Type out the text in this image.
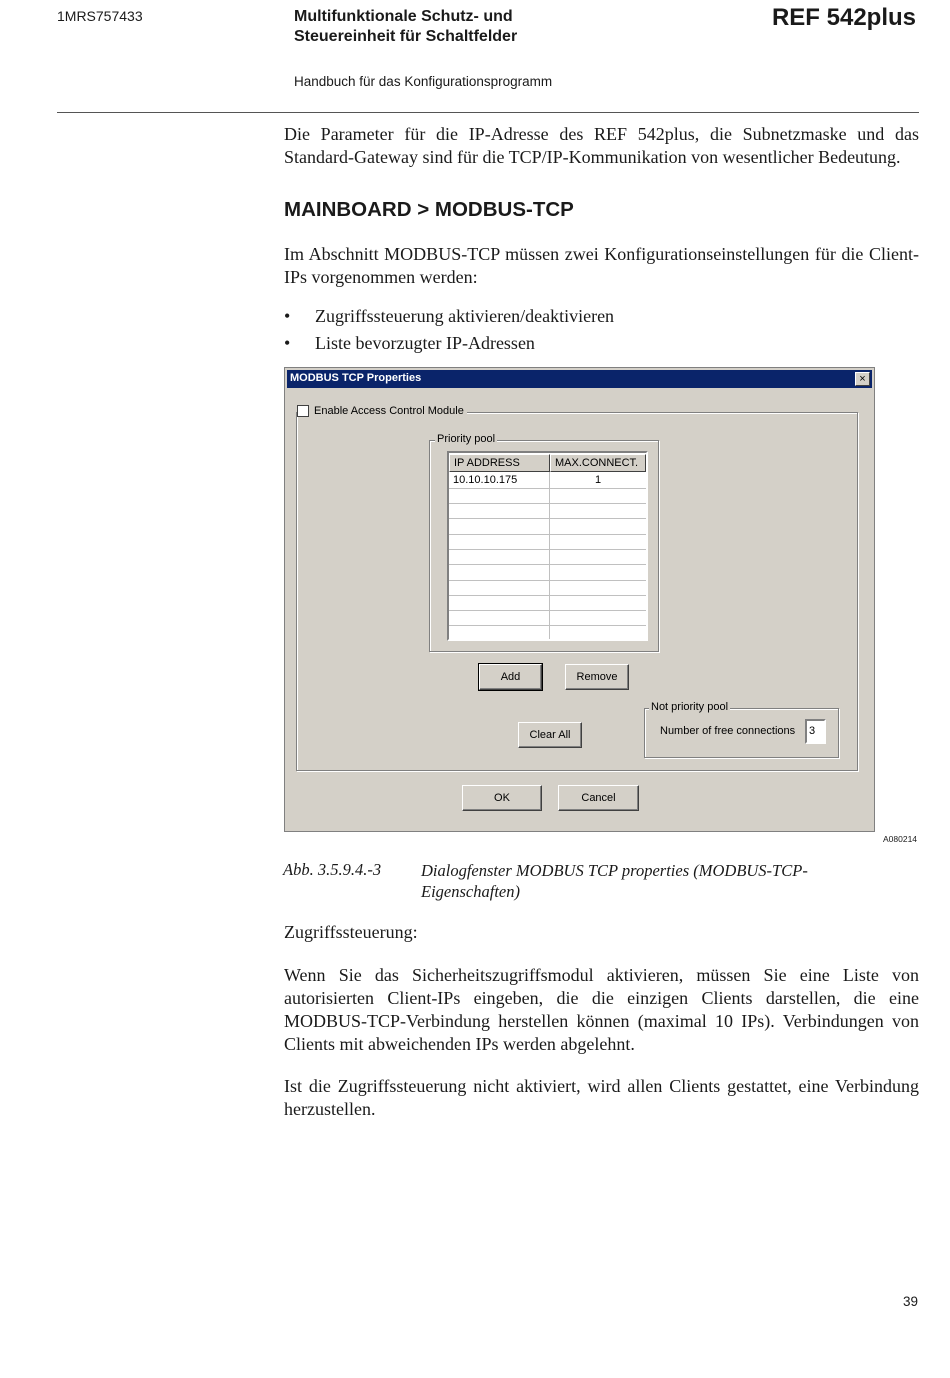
1MRS757433	Multifunktionale Schutz- und
Steuereinheit für Schaltfelder
REF 542plus
Handbuch für das Konfigurationsprogramm

Die Parameter für die IP-Adresse des REF 542plus, die Subnetzmaske und das Standard-Gateway sind für die TCP/IP-Kommunikation von wesentlicher Bedeutung.

MAINBOARD > MODBUS-TCP

Im Abschnitt MODBUS-TCP müssen zwei Konfigurationseinstellungen für die Client-IPs vorgenommen werden:

• Zugriffssteuerung aktivieren/deaktivieren
• Liste bevorzugter IP-Adressen
MODBUS TCP Properties	×
Enable Access Control Module
Priority pool
IP ADDRESS	MAX.CONNECT.
10.10.10.175	1
Add	Remove
Clear All
Not priority pool
Number of free connections	3
OK	Cancel
A080214
Abb. 3.5.9.4.-3 Dialogfenster MODBUS TCP properties (MODBUS-TCP-Eigenschaften)

Zugriffssteuerung:

Wenn Sie das Sicherheitszugriffsmodul aktivieren, müssen Sie eine Liste von autorisierten Client-IPs eingeben, die die einzigen Clients darstellen, die eine MODBUS-TCP-Verbindung herstellen können (maximal 10 IPs). Verbindungen von Clients mit abweichenden IPs werden abgelehnt.

Ist die Zugriffssteuerung nicht aktiviert, wird allen Clients gestattet, eine Verbindung herzustellen.

39
